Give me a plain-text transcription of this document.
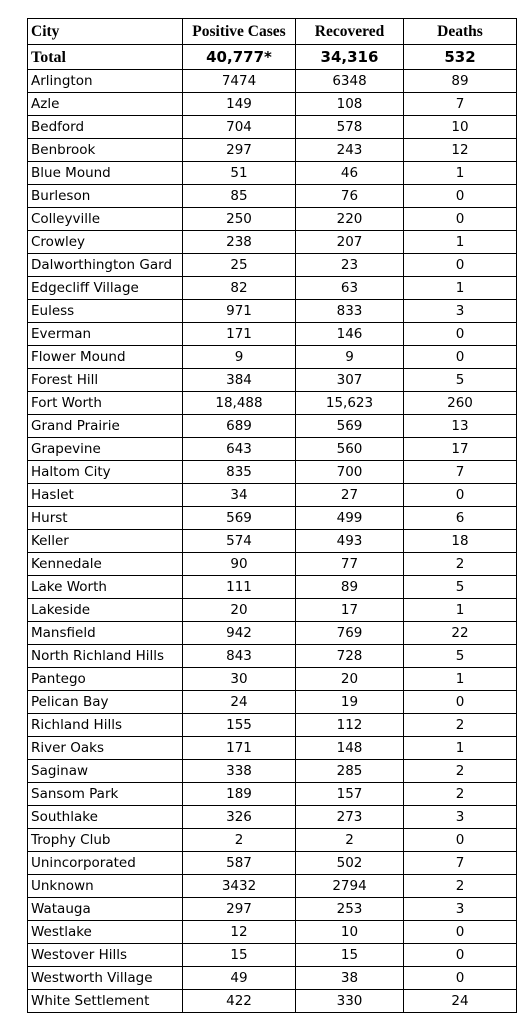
City	Positive Cases	Recovered	Deaths
Total	40,777*	34,316	532
Arlington	7474	6348	89
Azle	149	108	7
Bedford	704	578	10
Benbrook	297	243	12
Blue Mound	51	46	1
Burleson	85	76	0
Colleyville	250	220	0
Crowley	238	207	1
Dalworthington Gard	25	23	0
Edgecliff Village	82	63	1
Euless	971	833	3
Everman	171	146	0
Flower Mound	9	9	0
Forest Hill	384	307	5
Fort Worth	18,488	15,623	260
Grand Prairie	689	569	13
Grapevine	643	560	17
Haltom City	835	700	7
Haslet	34	27	0
Hurst	569	499	6
Keller	574	493	18
Kennedale	90	77	2
Lake Worth	111	89	5
Lakeside	20	17	1
Mansfield	942	769	22
North Richland Hills	843	728	5
Pantego	30	20	1
Pelican Bay	24	19	0
Richland Hills	155	112	2
River Oaks	171	148	1
Saginaw	338	285	2
Sansom Park	189	157	2
Southlake	326	273	3
Trophy Club	2	2	0
Unincorporated	587	502	7
Unknown	3432	2794	2
Watauga	297	253	3
Westlake	12	10	0
Westover Hills	15	15	0
Westworth Village	49	38	0
White Settlement	422	330	24
